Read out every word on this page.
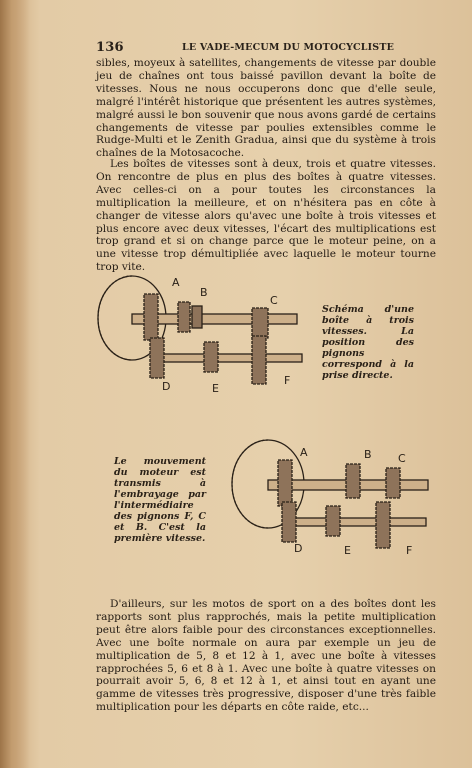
136	LE VADE-MECUM DU MOTOCYCLISTE
sibles, moyeux à satellites, changements de vitesse par double jeu de chaînes ont tous baissé pavillon devant la boîte de vitesses. Nous ne nous occuperons donc que d'elle seule, malgré l'intérêt historique que présentent les autres systèmes, malgré aussi le bon souvenir que nous avons gardé de certains changements de vitesse par poulies extensibles comme le Rudge-Multi et le Zenith Gradua, ainsi que du système à trois chaînes de la Motosacoche.
Les boîtes de vitesses sont à deux, trois et quatre vitesses. On rencontre de plus en plus des boîtes à quatre vitesses. Avec celles-ci on a pour toutes les circonstances la multiplication la meilleure, et on n'hésitera pas en côte à changer de vitesse alors qu'avec une boîte à trois vitesses et plus encore avec deux vitesses, l'écart des multiplications est trop grand et si on change parce que le moteur peine, on a une vitesse trop démultipliée avec laquelle le moteur tourne trop vite.
A
B
C
D	E
F
Schéma d'une boîte à trois vitesses. La position des pignons correspond à la prise directe.
Le mouvement du moteur est transmis à l'embrayage par l'intermédiaire des pignons F, C et B. C'est la première vitesse.
A	B C
D	E	F
D'ailleurs, sur les motos de sport on a des boîtes dont les rapports sont plus rapprochés, mais la petite multiplication peut être alors faible pour des circonstances exceptionnelles. Avec une boîte normale on aura par exemple un jeu de multiplication de 5, 8 et 12 à 1, avec une boîte à vitesses rapprochées 5, 6 et 8 à 1. Avec une boîte à quatre vitesses on pourrait avoir 5, 6, 8 et 12 à 1, et ainsi tout en ayant une gamme de vitesses très progressive, disposer d'une très faible multiplication pour les départs en côte raide, etc...
